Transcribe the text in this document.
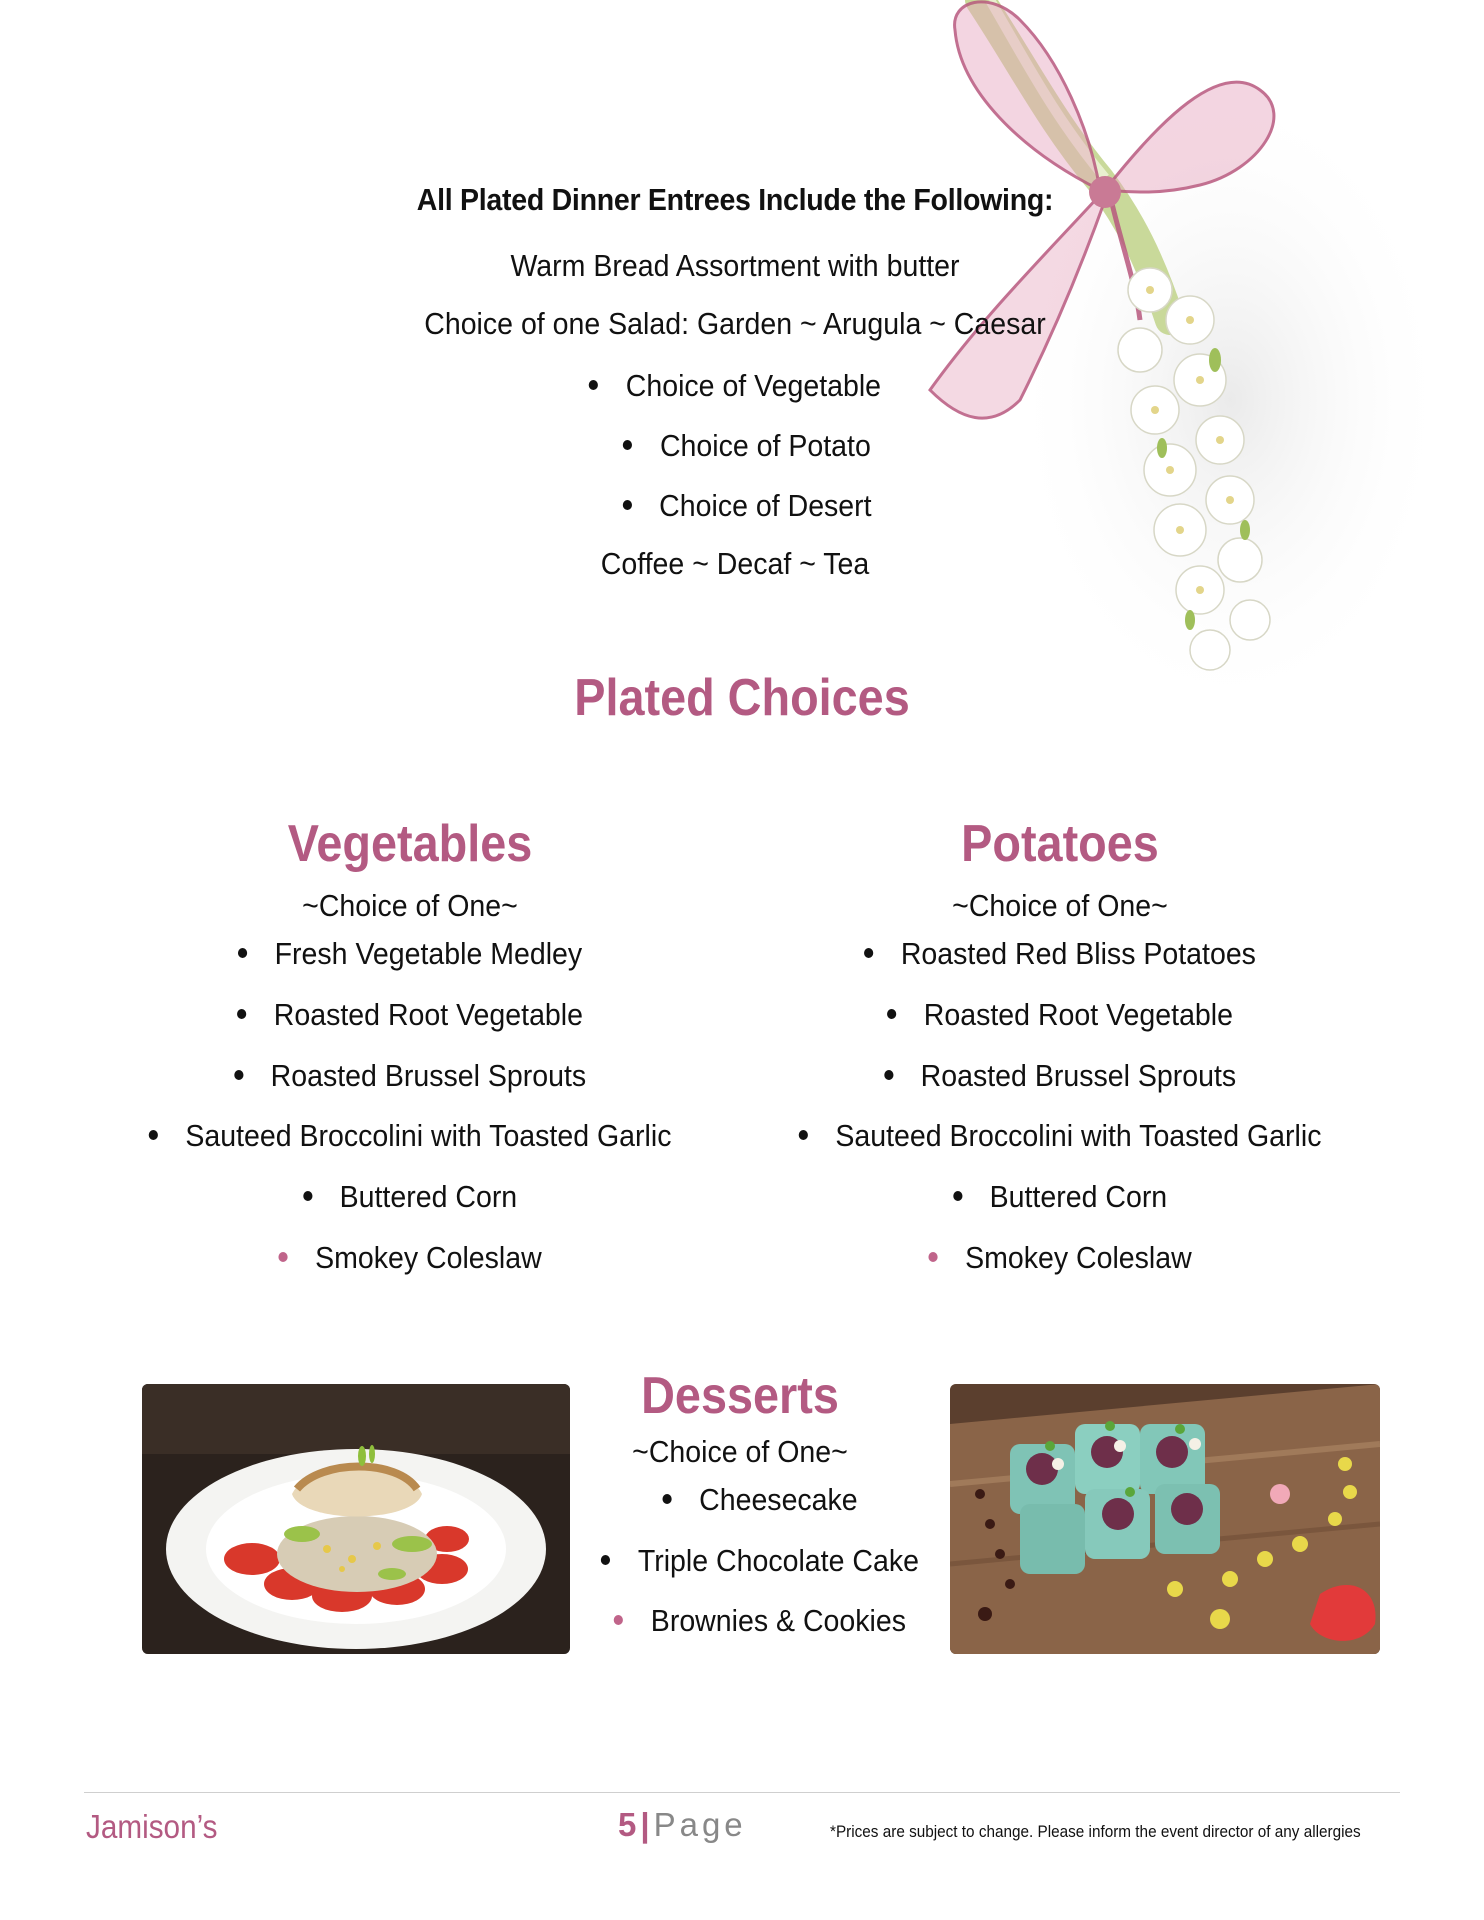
All Plated Dinner Entrees Include the Following:
Warm Bread Assortment with butter
Choice of one Salad: Garden ~ Arugula ~ Caesar
Choice of Vegetable
Choice of Potato
Choice of Desert
Coffee ~ Decaf ~ Tea
Plated Choices
Vegetables
~Choice of One~
Fresh Vegetable Medley
Roasted Root Vegetable
Roasted Brussel Sprouts
Sauteed Broccolini with Toasted Garlic
Buttered Corn
Smokey Coleslaw
Potatoes
~Choice of One~
Roasted Red Bliss Potatoes
Roasted Root Vegetable
Roasted Brussel Sprouts
Sauteed Broccolini with Toasted Garlic
Buttered Corn
Smokey Coleslaw
Desserts
~Choice of One~
Cheesecake
Triple Chocolate Cake
Brownies & Cookies
Jamison’s	5 | Page	*Prices are subject to change. Please inform the event director of any allergies
